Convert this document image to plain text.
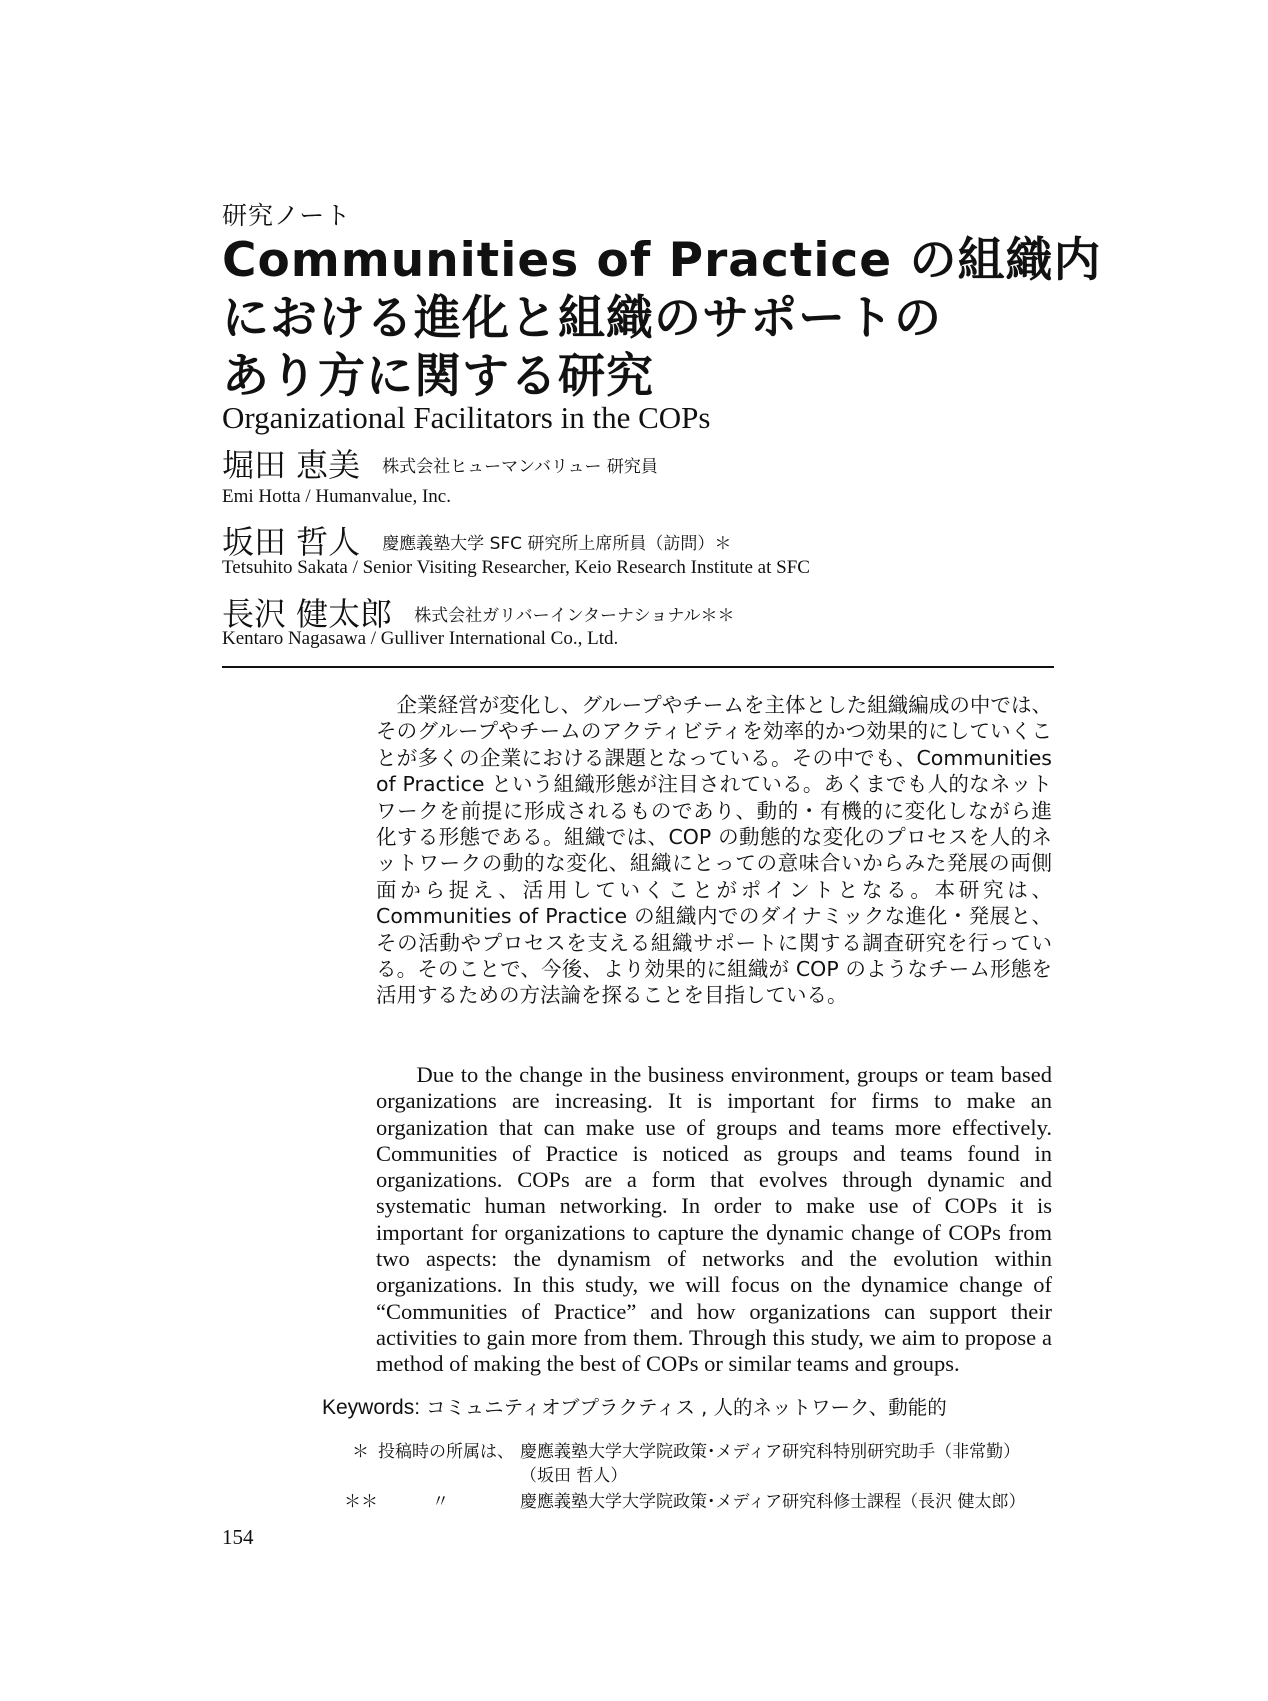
研究ノート
Communities of Practice の組織内
における進化と組織のサポートの
あり方に関する研究
Organizational Facilitators in the COPs
堀田 恵美 株式会社ヒューマンバリュー 研究員
Emi Hotta / Humanvalue, Inc.
坂田 哲人 慶應義塾大学 SFC 研究所上席所員（訪問）＊
Tetsuhito Sakata / Senior Visiting Researcher, Keio Research Institute at SFC
長沢 健太郎 株式会社ガリバーインターナショナル＊＊
Kentaro Nagasawa / Gulliver International Co., Ltd.
企業経営が変化し、グループやチームを主体とした組織編成の中では、そのグループやチームのアクティビティを効率的かつ効果的にしていくことが多くの企業における課題となっている。その中でも、Communities of Practice という組織形態が注目されている。あくまでも人的なネットワークを前提に形成されるものであり、動的・有機的に変化しながら進化する形態である。組織では、COP の動態的な変化のプロセスを人的ネットワークの動的な変化、組織にとっての意味合いからみた発展の両側面から捉え、活用していくことがポイントとなる。本研究は、Communities of Practice の組織内でのダイナミックな進化・発展と、その活動やプロセスを支える組織サポートに関する調査研究を行っている。そのことで、今後、より効果的に組織が COP のようなチーム形態を活用するための方法論を探ることを目指している。
Due to the change in the business environment, groups or team based organizations are increasing. It is important for firms to make an organization that can make use of groups and teams more effectively. Communities of Practice is noticed as groups and teams found in organizations. COPs are a form that evolves through dynamic and systematic human networking. In order to make use of COPs it is important for organizations to capture the dynamic change of COPs from two aspects: the dynamism of networks and the evolution within organizations. In this study, we will focus on the dynamice change of “Communities of Practice” and how organizations can support their activities to gain more from them. Through this study, we aim to propose a method of making the best of COPs or similar teams and groups.
Keywords: コミュニティオブプラクティス , 人的ネットワーク、動能的
＊ 投稿時の所属は、 慶應義塾大学大学院政策･メディア研究科特別研究助手（非常勤）
（坂田 哲人）
＊＊	〃	慶應義塾大学大学院政策･メディア研究科修士課程（長沢 健太郎）
154
